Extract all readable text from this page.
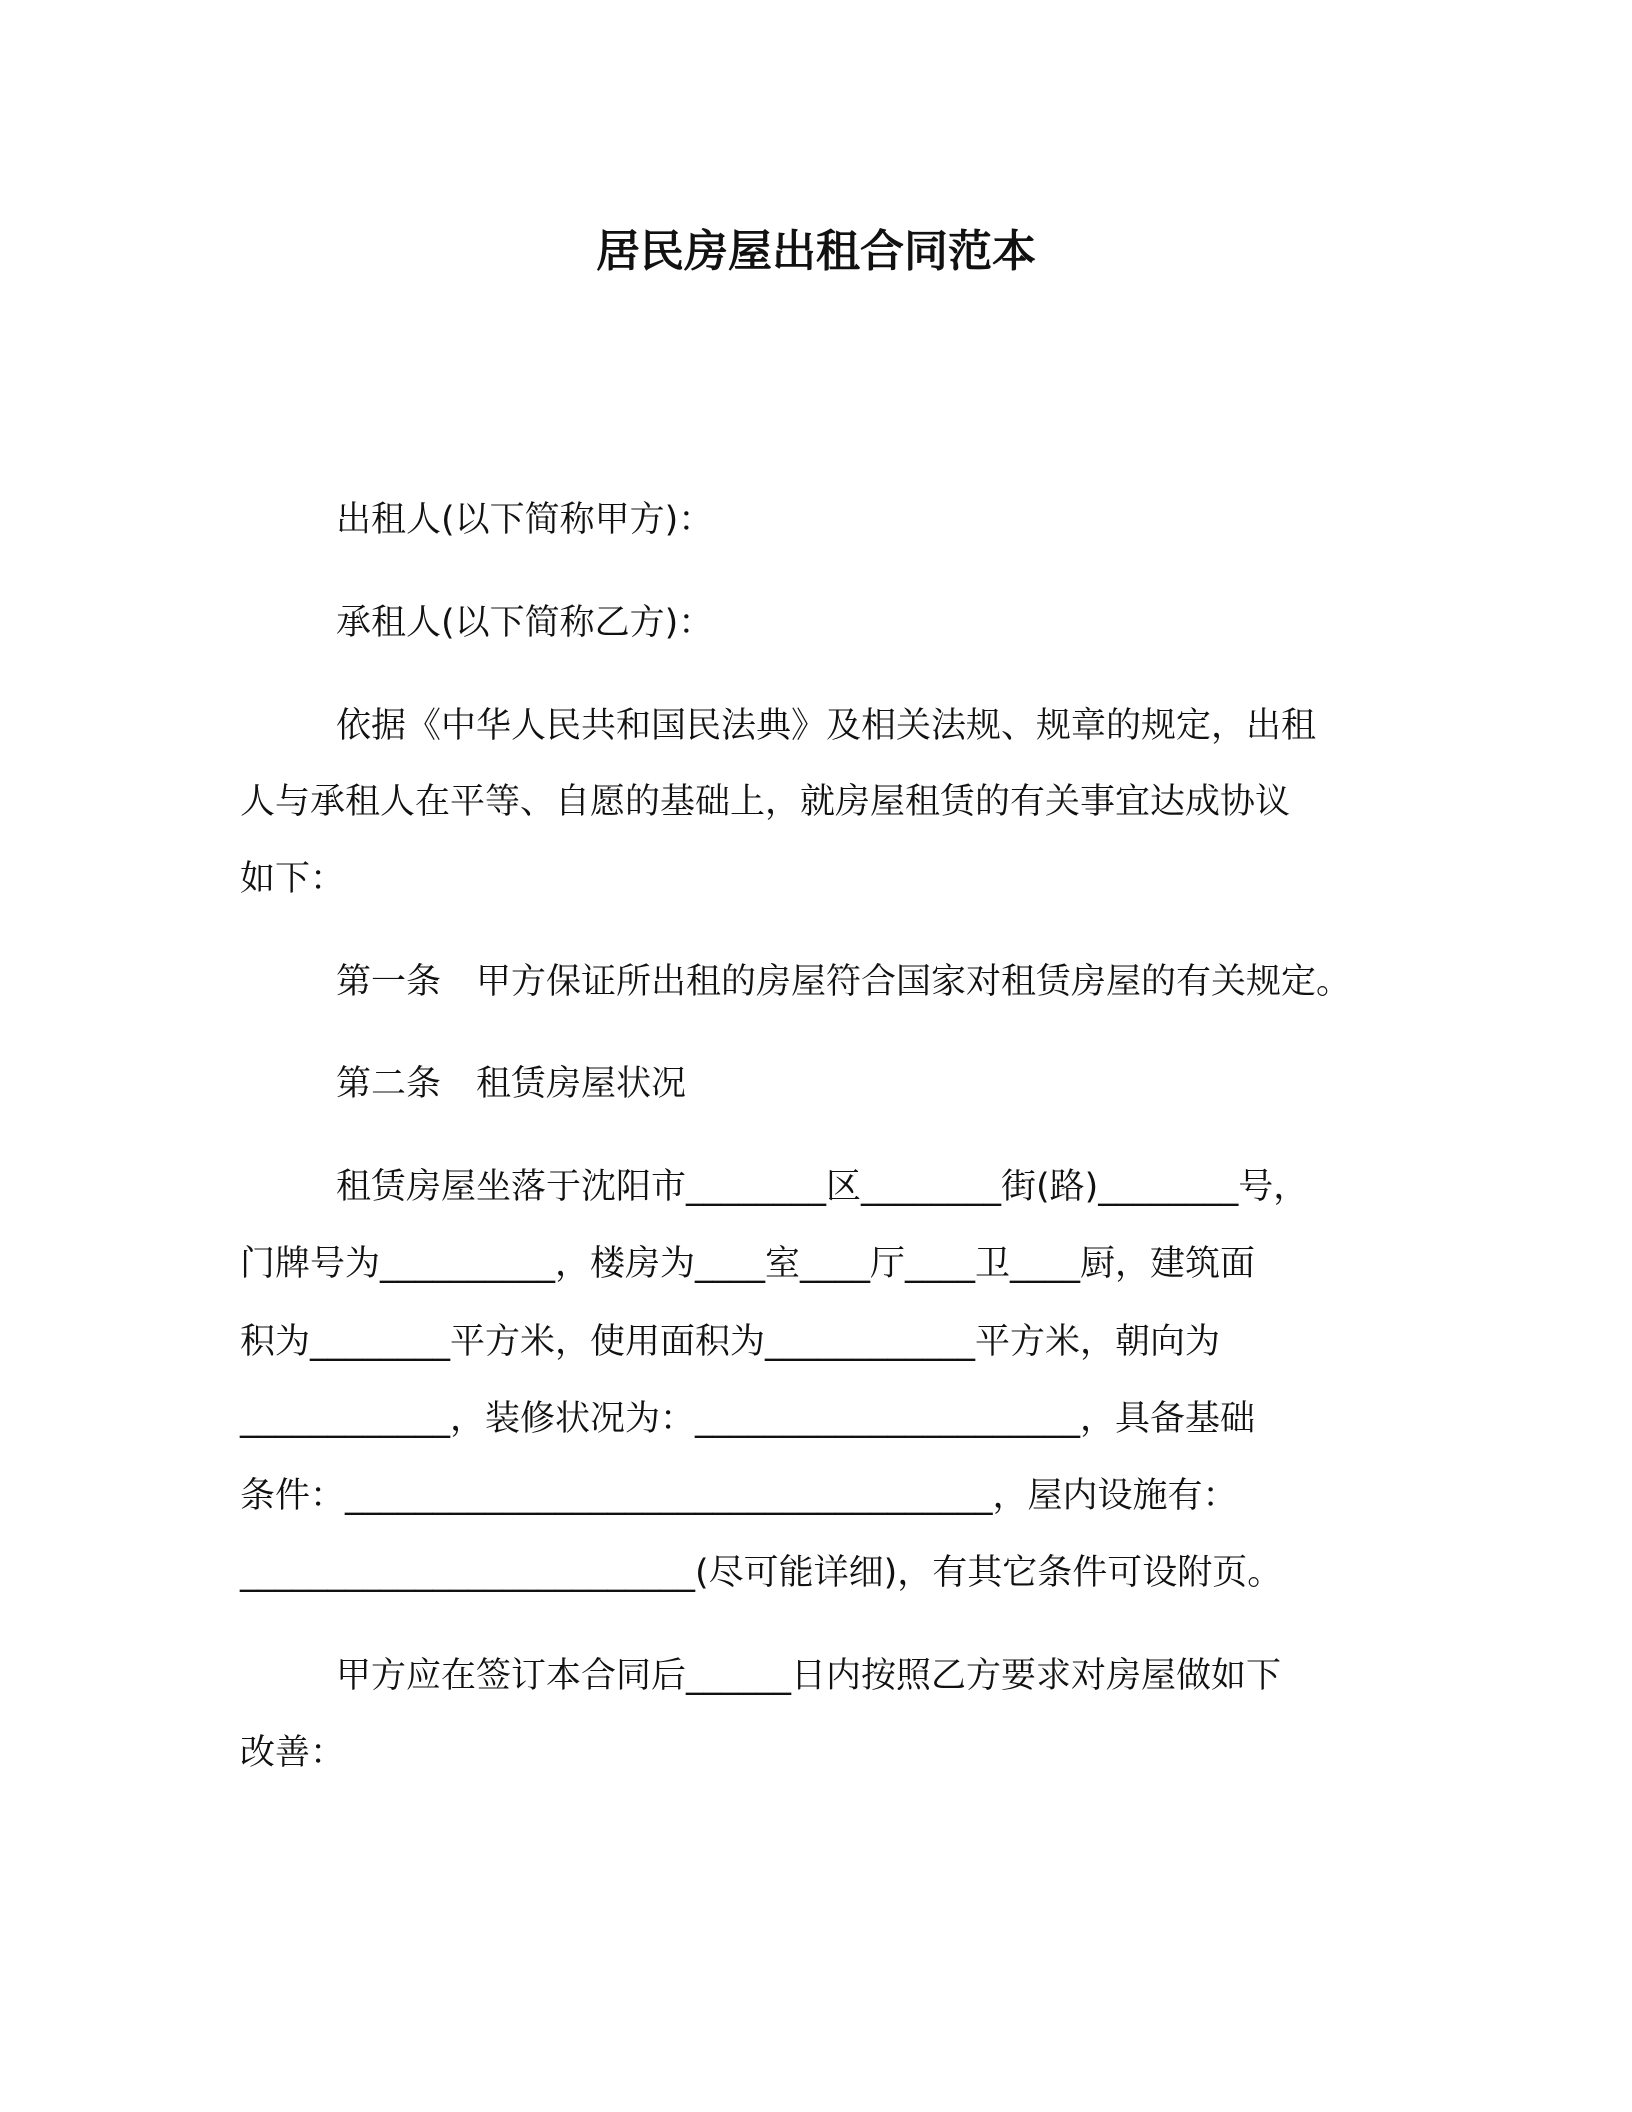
居民房屋出租合同范本
出租人(以下简称甲方)：
承租人(以下简称乙方)：
依据《中华人民共和国民法典》及相关法规、规章的规定，出租
人与承租人在平等、自愿的基础上，就房屋租赁的有关事宜达成协议
如下：
第一条　甲方保证所出租的房屋符合国家对租赁房屋的有关规定。
第二条　租赁房屋状况
租赁房屋坐落于沈阳市________区________街(路)________号，
门牌号为__________，楼房为____室____厅____卫____厨，建筑面
积为________平方米，使用面积为____________平方米，朝向为
____________，装修状况为：______________________，具备基础
条件：_____________________________________，屋内设施有：
__________________________(尽可能详细)，有其它条件可设附页。
甲方应在签订本合同后______日内按照乙方要求对房屋做如下
改善：
